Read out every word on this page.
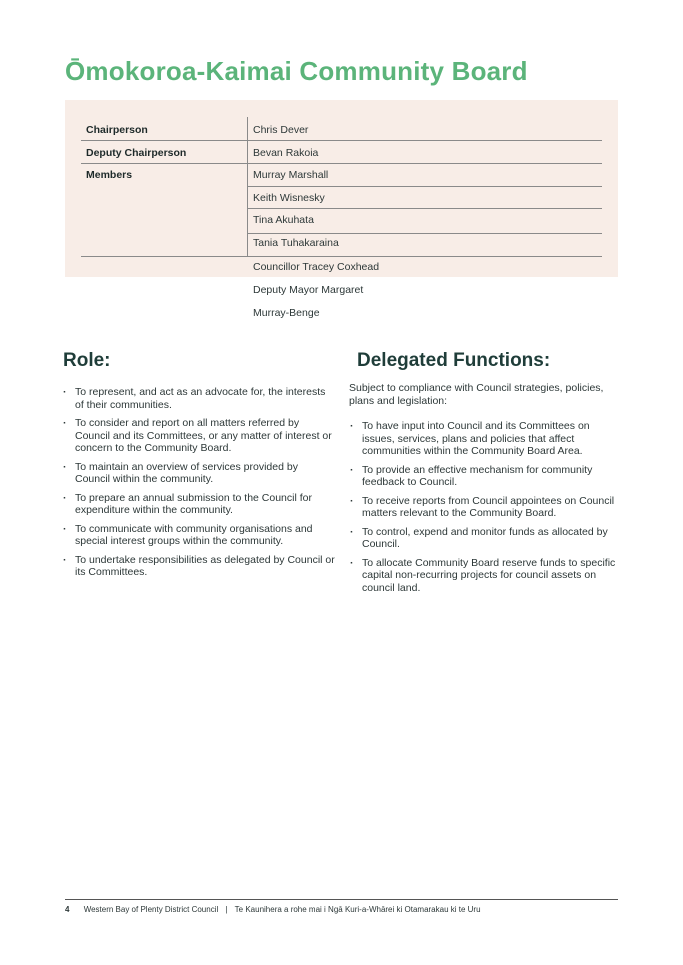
Ōmokoroa-Kaimai Community Board
Chairperson	Chris Dever
Deputy Chairperson	Bevan Rakoia
Members	Murray Marshall
Keith Wisnesky
Tina Akuhata
Tania Tuhakaraina
Councillor Tracey Coxhead
Deputy Mayor Margaret
Murray-Benge
Role:
· To represent, and act as an advocate for, the interests of their communities.
· To consider and report on all matters referred by Council and its Committees, or any matter of interest or concern to the Community Board.
· To maintain an overview of services provided by Council within the community.
· To prepare an annual submission to the Council for expenditure within the community.
· To communicate with community organisations and special interest groups within the community.
· To undertake responsibilities as delegated by Council or its Committees.
Delegated Functions:

Subject to compliance with Council strategies, policies, plans and legislation:

· To have input into Council and its Committees on issues, services, plans and policies that affect communities within the Community Board Area.
· To provide an effective mechanism for community feedback to Council.
· To receive reports from Council appointees on Council matters relevant to the Community Board.
· To control, expend and monitor funds as allocated by Council.
· To allocate Community Board reserve funds to specific capital non-recurring projects for council assets on council land.
4 Western Bay of Plenty District Council | Te Kaunihera a rohe mai i Ngā Kuri-a-Whārei ki Otamarakau ki te Uru
